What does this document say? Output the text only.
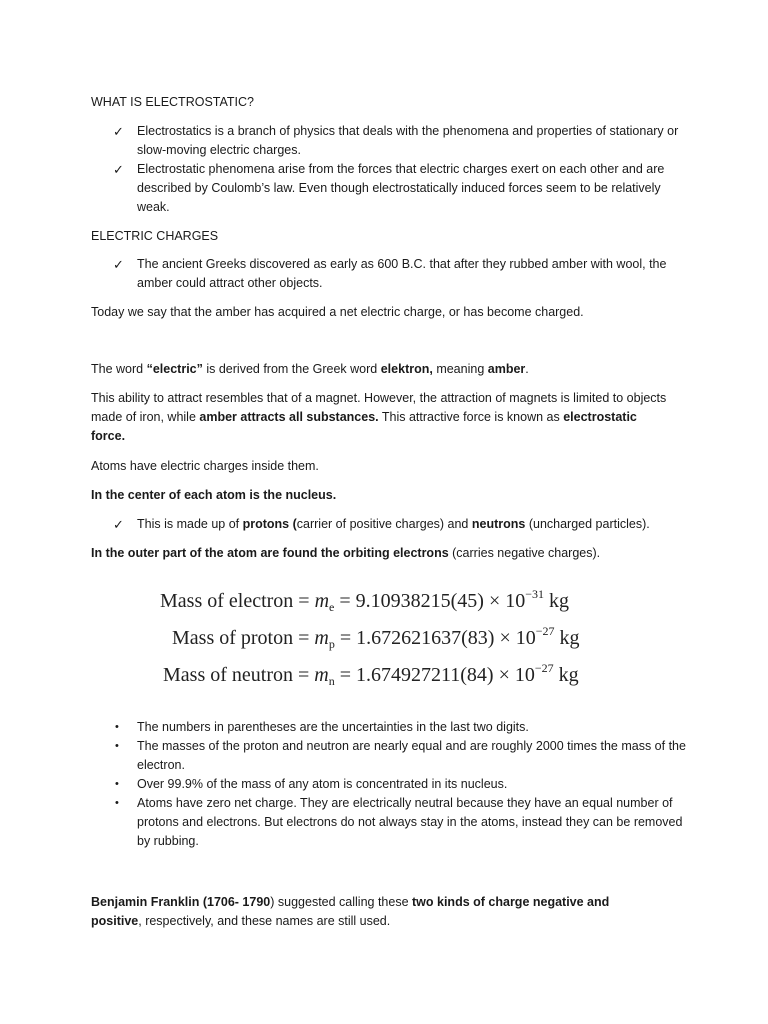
WHAT IS ELECTROSTATIC?
✓ Electrostatics is a branch of physics that deals with the phenomena and properties of stationary or slow-moving electric charges.
✓ Electrostatic phenomena arise from the forces that electric charges exert on each other and are described by Coulomb’s law. Even though electrostatically induced forces seem to be relatively weak.
ELECTRIC CHARGES
✓ The ancient Greeks discovered as early as 600 B.C. that after they rubbed amber with wool, the amber could attract other objects.
Today we say that the amber has acquired a net electric charge, or has become charged.
The word “electric” is derived from the Greek word elektron, meaning amber.
This ability to attract resembles that of a magnet. However, the attraction of magnets is limited to objects made of iron, while amber attracts all substances. This attractive force is known as electrostatic force.
Atoms have electric charges inside them.
In the center of each atom is the nucleus.
✓ This is made up of protons (carrier of positive charges) and neutrons (uncharged particles).
In the outer part of the atom are found the orbiting electrons (carries negative charges).
Mass of electron = $m_e = 9.10938215(45) \times 10^{-31}$ kg
Mass of proton = $m_p = 1.672621637(83) \times 10^{-27}$ kg
Mass of neutron = $m_n = 1.674927211(84) \times 10^{-27}$ kg
• The numbers in parentheses are the uncertainties in the last two digits.
• The masses of the proton and neutron are nearly equal and are roughly 2000 times the mass of the electron.
• Over 99.9% of the mass of any atom is concentrated in its nucleus.
• Atoms have zero net charge. They are electrically neutral because they have an equal number of protons and electrons. But electrons do not always stay in the atoms, instead they can be removed by rubbing.
Benjamin Franklin (1706- 1790) suggested calling these two kinds of charge negative and positive, respectively, and these names are still used.
